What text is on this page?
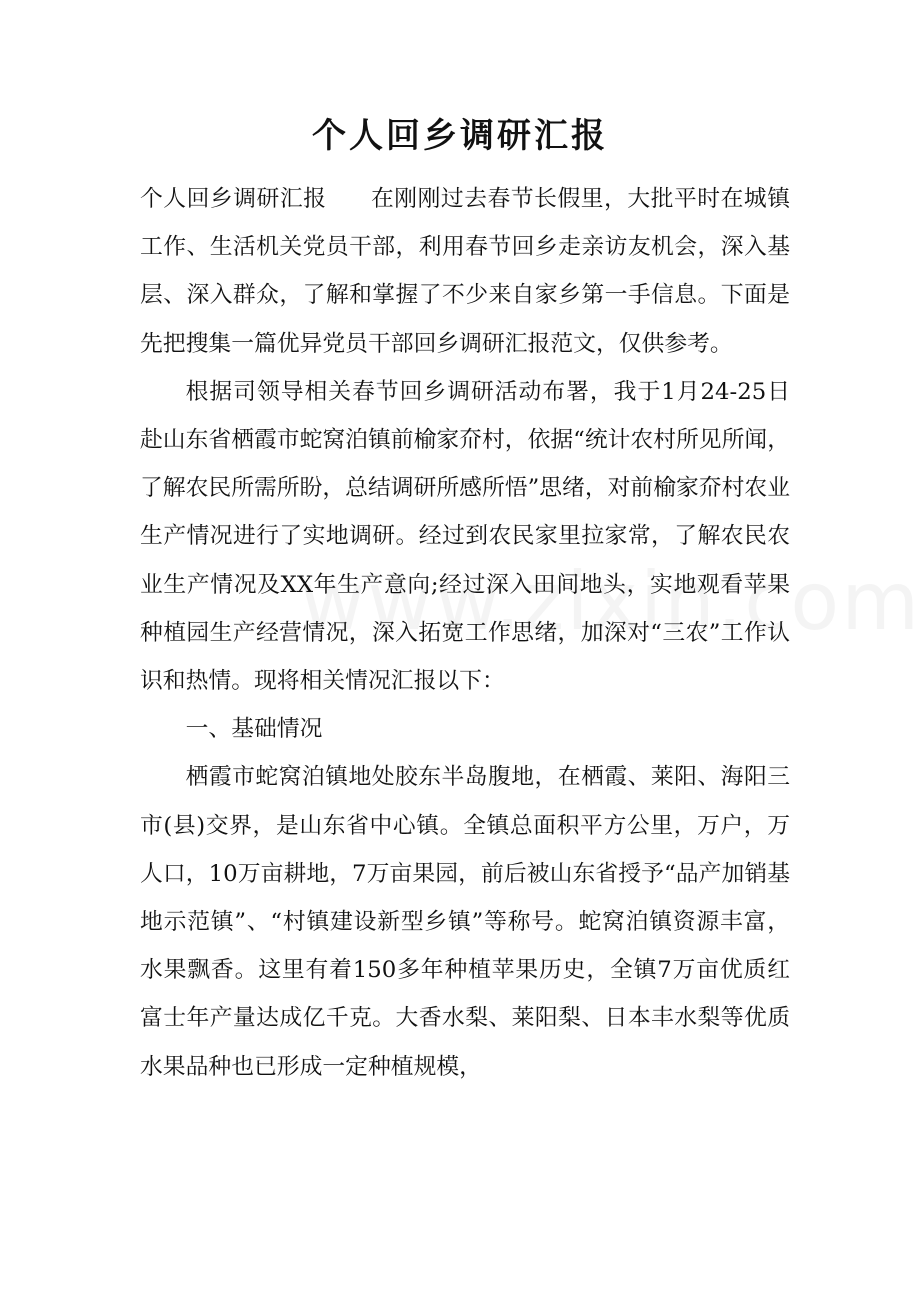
个人回乡调研汇报

个人回乡调研汇报 在刚刚过去春节长假里，大批平时在城镇工作、生活机关党员干部，利用春节回乡走亲访友机会，深入基层、深入群众，了解和掌握了不少来自家乡第一手信息。下面是先把搜集一篇优异党员干部回乡调研汇报范文，仅供参考。

根据司领导相关春节回乡调研活动布署，我于1月24-25日赴山东省栖霞市蛇窝泊镇前榆家夼村，依据“统计农村所见所闻，了解农民所需所盼，总结调研所感所悟”思绪，对前榆家夼村农业生产情况进行了实地调研。经过到农民家里拉家常，了解农民农业生产情况及XX年生产意向;经过深入田间地头，实地观看苹果种植园生产经营情况，深入拓宽工作思绪，加深对“三农”工作认识和热情。现将相关情况汇报以下：

一、基础情况

栖霞市蛇窝泊镇地处胶东半岛腹地，在栖霞、莱阳、海阳三市(县)交界，是山东省中心镇。全镇总面积平方公里，万户，万人口，10万亩耕地，7万亩果园，前后被山东省授予“品产加销基地示范镇”、“村镇建设新型乡镇”等称号。蛇窝泊镇资源丰富，水果飘香。这里有着150多年种植苹果历史，全镇7万亩优质红富士年产量达成亿千克。大香水梨、莱阳梨、日本丰水梨等优质水果品种也已形成一定种植规模，
